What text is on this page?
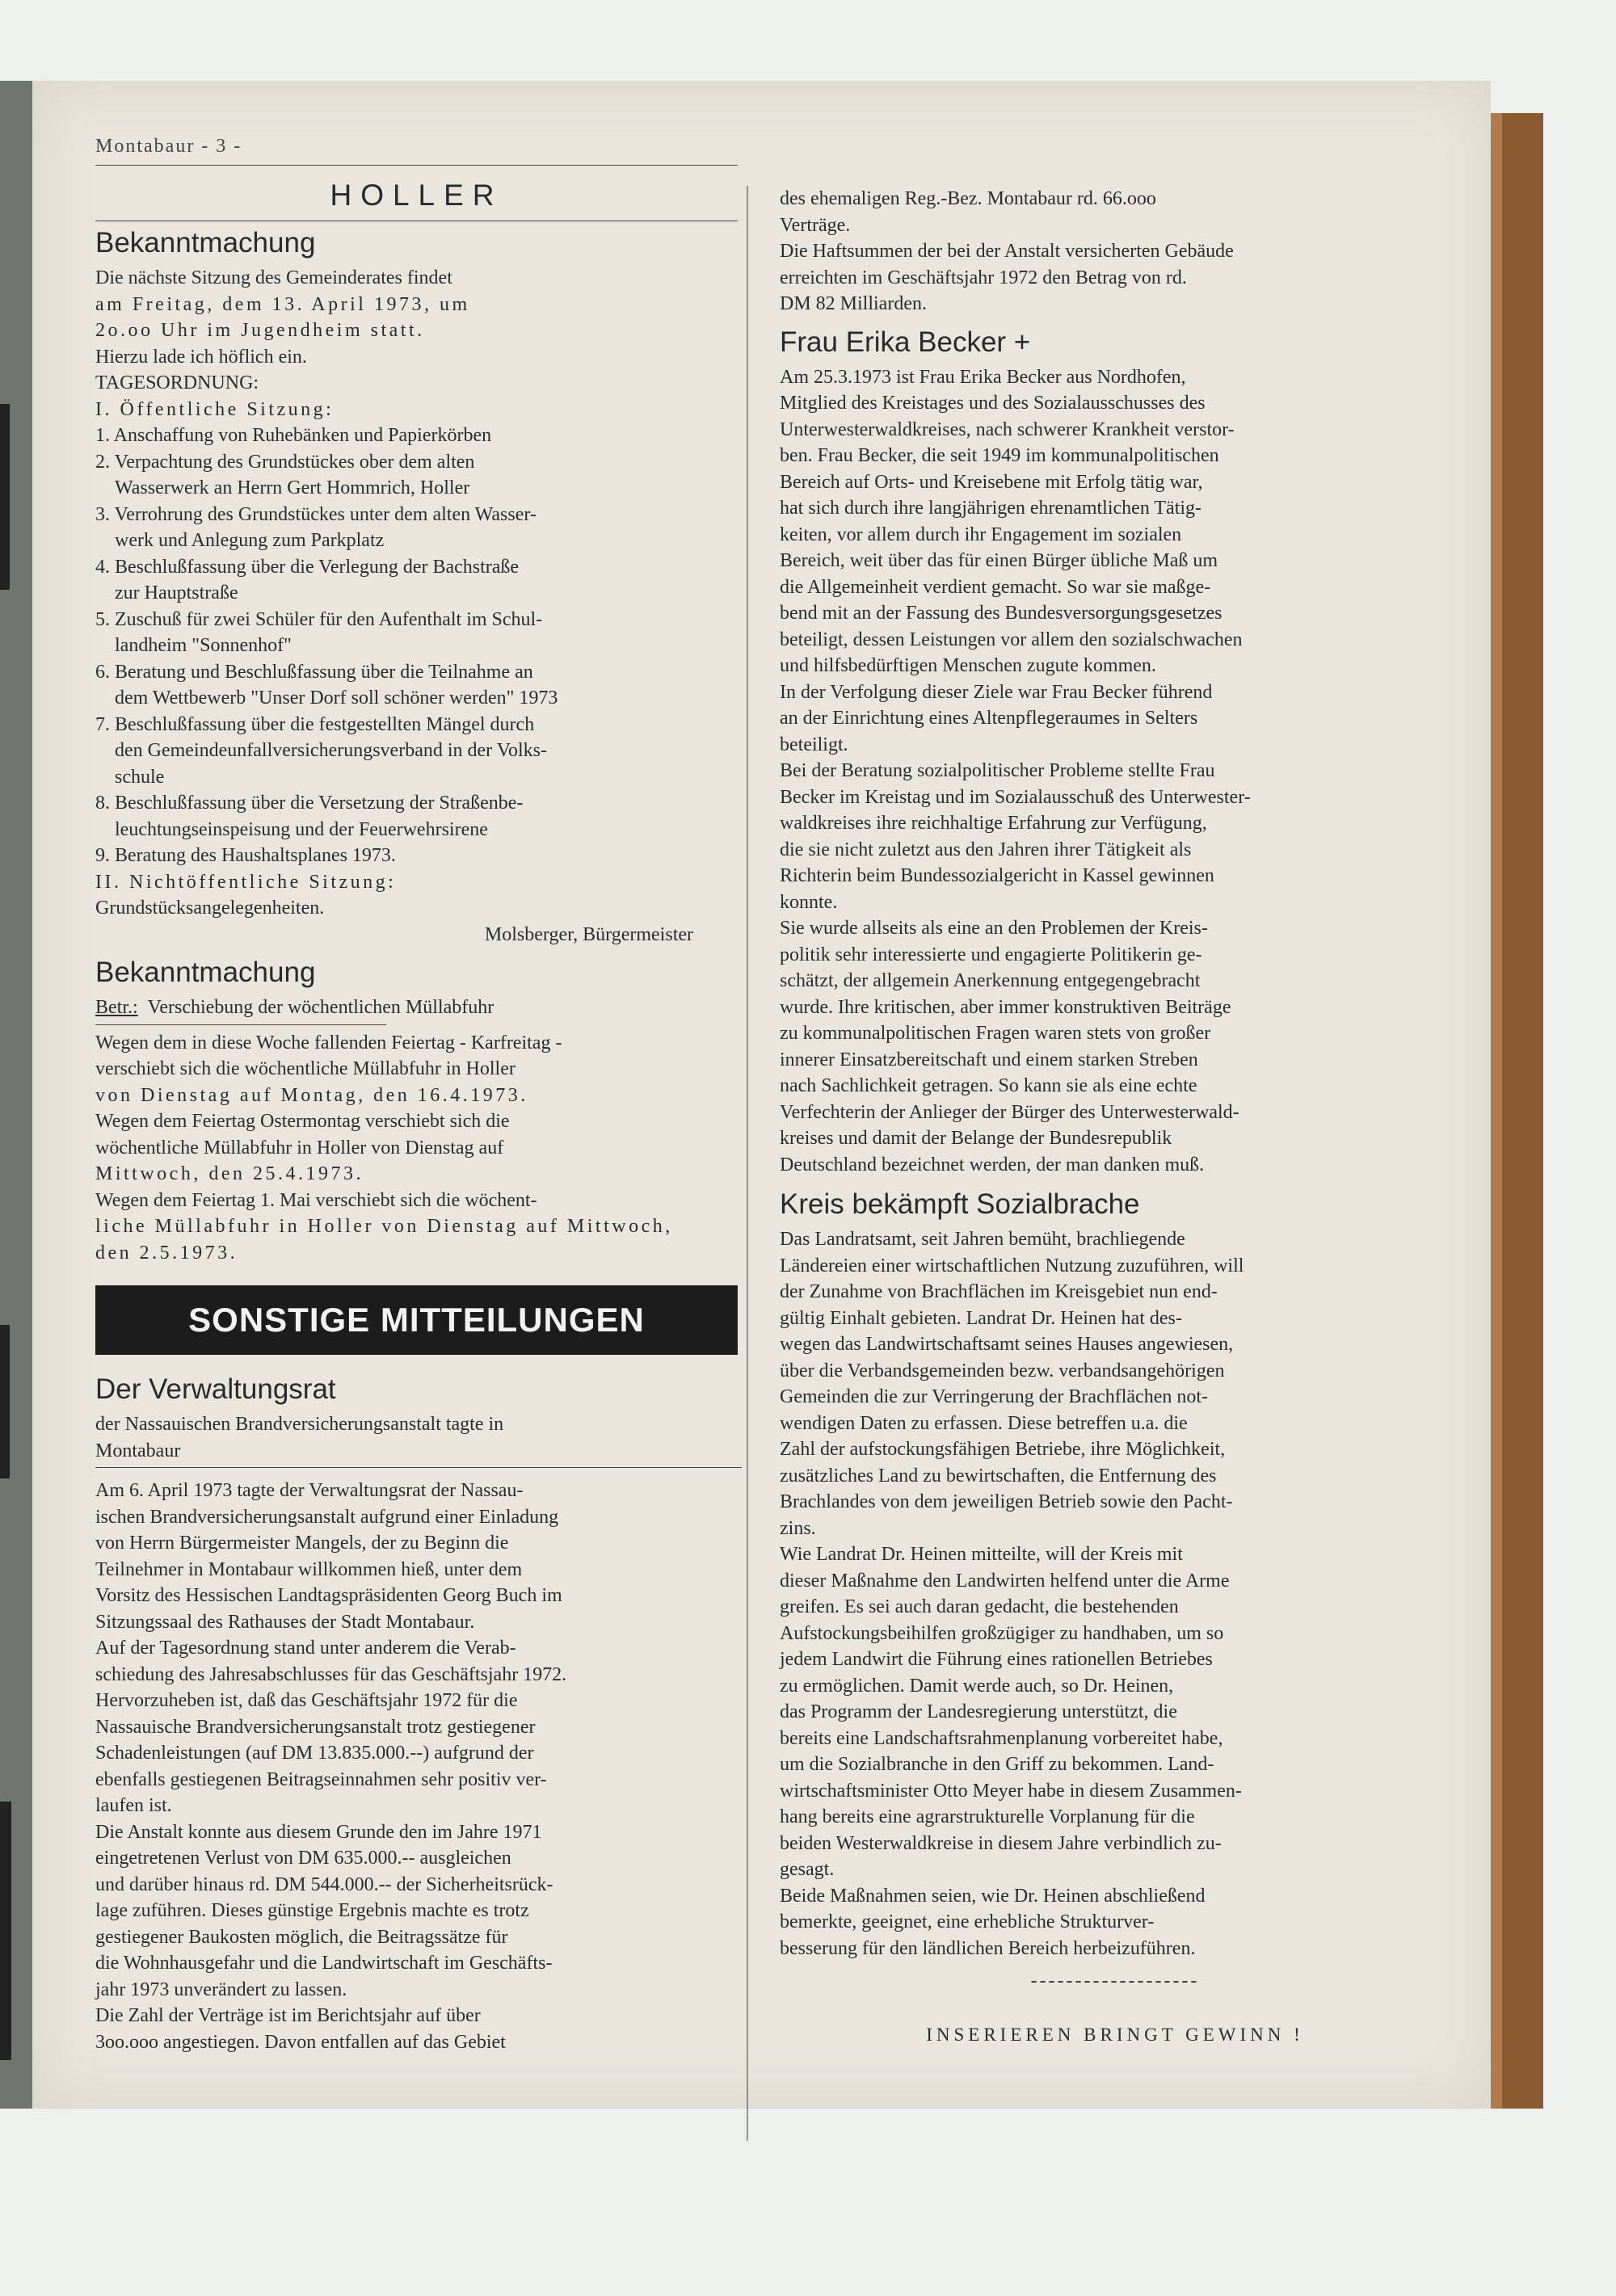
Montabaur - 3 -
HOLLER
Bekanntmachung
Die nächste Sitzung des Gemeinderates findet
am Freitag, dem 13. April 1973, um
2o.oo Uhr im Jugendheim statt.
Hierzu lade ich höflich ein.
TAGESORDNUNG:
I. Öffentliche Sitzung:
1. Anschaffung von Ruhebänken und Papierkörben
2. Verpachtung des Grundstückes ober dem alten
Wasserwerk an Herrn Gert Hommrich, Holler
3. Verrohrung des Grundstückes unter dem alten Wasser-
werk und Anlegung zum Parkplatz
4. Beschlußfassung über die Verlegung der Bachstraße
zur Hauptstraße
5. Zuschuß für zwei Schüler für den Aufenthalt im Schul-
landheim "Sonnenhof"
6. Beratung und Beschlußfassung über die Teilnahme an
dem Wettbewerb "Unser Dorf soll schöner werden" 1973
7. Beschlußfassung über die festgestellten Mängel durch
den Gemeindeunfallversicherungsverband in der Volks-
schule
8. Beschlußfassung über die Versetzung der Straßenbe-
leuchtungseinspeisung und der Feuerwehrsirene
9. Beratung des Haushaltsplanes 1973.
II. Nichtöffentliche Sitzung:
Grundstücksangelegenheiten.
Molsberger, Bürgermeister
Bekanntmachung
Betr.: Verschiebung der wöchentlichen Müllabfuhr
Wegen dem in diese Woche fallenden Feiertag - Karfreitag -
verschiebt sich die wöchentliche Müllabfuhr in Holler
von Dienstag auf Montag, den 16.4.1973.
Wegen dem Feiertag Ostermontag verschiebt sich die
wöchentliche Müllabfuhr in Holler von Dienstag auf
Mittwoch, den 25.4.1973.
Wegen dem Feiertag 1. Mai verschiebt sich die wöchent-
liche Müllabfuhr in Holler von Dienstag auf Mittwoch,
den 2.5.1973.
SONSTIGE MITTEILUNGEN
Der Verwaltungsrat
der Nassauischen Brandversicherungsanstalt tagte in
Montabaur
Am 6. April 1973 tagte der Verwaltungsrat der Nassau-
ischen Brandversicherungsanstalt aufgrund einer Einladung
von Herrn Bürgermeister Mangels, der zu Beginn die
Teilnehmer in Montabaur willkommen hieß, unter dem
Vorsitz des Hessischen Landtagspräsidenten Georg Buch im
Sitzungssaal des Rathauses der Stadt Montabaur.
Auf der Tagesordnung stand unter anderem die Verab-
schiedung des Jahresabschlusses für das Geschäftsjahr 1972.
Hervorzuheben ist, daß das Geschäftsjahr 1972 für die
Nassauische Brandversicherungsanstalt trotz gestiegener
Schadenleistungen (auf DM 13.835.000.--) aufgrund der
ebenfalls gestiegenen Beitragseinnahmen sehr positiv ver-
laufen ist.
Die Anstalt konnte aus diesem Grunde den im Jahre 1971
eingetretenen Verlust von DM 635.000.-- ausgleichen
und darüber hinaus rd. DM 544.000.-- der Sicherheitsrück-
lage zuführen. Dieses günstige Ergebnis machte es trotz
gestiegener Baukosten möglich, die Beitragssätze für
die Wohnhausgefahr und die Landwirtschaft im Geschäfts-
jahr 1973 unverändert zu lassen.
Die Zahl der Verträge ist im Berichtsjahr auf über
3oo.ooo angestiegen. Davon entfallen auf das Gebiet
des ehemaligen Reg.-Bez. Montabaur rd. 66.ooo
Verträge.
Die Haftsummen der bei der Anstalt versicherten Gebäude
erreichten im Geschäftsjahr 1972 den Betrag von rd.
DM 82 Milliarden.
Frau Erika Becker +
Am 25.3.1973 ist Frau Erika Becker aus Nordhofen,
Mitglied des Kreistages und des Sozialausschusses des
Unterwesterwaldkreises, nach schwerer Krankheit verstor-
ben. Frau Becker, die seit 1949 im kommunalpolitischen
Bereich auf Orts- und Kreisebene mit Erfolg tätig war,
hat sich durch ihre langjährigen ehrenamtlichen Tätig-
keiten, vor allem durch ihr Engagement im sozialen
Bereich, weit über das für einen Bürger übliche Maß um
die Allgemeinheit verdient gemacht. So war sie maßge-
bend mit an der Fassung des Bundesversorgungsgesetzes
beteiligt, dessen Leistungen vor allem den sozialschwachen
und hilfsbedürftigen Menschen zugute kommen.
In der Verfolgung dieser Ziele war Frau Becker führend
an der Einrichtung eines Altenpflegeraumes in Selters
beteiligt.
Bei der Beratung sozialpolitischer Probleme stellte Frau
Becker im Kreistag und im Sozialausschuß des Unterwester-
waldkreises ihre reichhaltige Erfahrung zur Verfügung,
die sie nicht zuletzt aus den Jahren ihrer Tätigkeit als
Richterin beim Bundessozialgericht in Kassel gewinnen
konnte.
Sie wurde allseits als eine an den Problemen der Kreis-
politik sehr interessierte und engagierte Politikerin ge-
schätzt, der allgemein Anerkennung entgegengebracht
wurde. Ihre kritischen, aber immer konstruktiven Beiträge
zu kommunalpolitischen Fragen waren stets von großer
innerer Einsatzbereitschaft und einem starken Streben
nach Sachlichkeit getragen. So kann sie als eine echte
Verfechterin der Anlieger der Bürger des Unterwesterwald-
kreises und damit der Belange der Bundesrepublik
Deutschland bezeichnet werden, der man danken muß.
Kreis bekämpft Sozialbrache
Das Landratsamt, seit Jahren bemüht, brachliegende
Ländereien einer wirtschaftlichen Nutzung zuzuführen, will
der Zunahme von Brachflächen im Kreisgebiet nun end-
gültig Einhalt gebieten. Landrat Dr. Heinen hat des-
wegen das Landwirtschaftsamt seines Hauses angewiesen,
über die Verbandsgemeinden bezw. verbandsangehörigen
Gemeinden die zur Verringerung der Brachflächen not-
wendigen Daten zu erfassen. Diese betreffen u.a. die
Zahl der aufstockungsfähigen Betriebe, ihre Möglichkeit,
zusätzliches Land zu bewirtschaften, die Entfernung des
Brachlandes von dem jeweiligen Betrieb sowie den Pacht-
zins.
Wie Landrat Dr. Heinen mitteilte, will der Kreis mit
dieser Maßnahme den Landwirten helfend unter die Arme
greifen. Es sei auch daran gedacht, die bestehenden
Aufstockungsbeihilfen großzügiger zu handhaben, um so
jedem Landwirt die Führung eines rationellen Betriebes
zu ermöglichen. Damit werde auch, so Dr. Heinen,
das Programm der Landesregierung unterstützt, die
bereits eine Landschaftsrahmenplanung vorbereitet habe,
um die Sozialbranche in den Griff zu bekommen. Land-
wirtschaftsminister Otto Meyer habe in diesem Zusammen-
hang bereits eine agrarstrukturelle Vorplanung für die
beiden Westerwaldkreise in diesem Jahre verbindlich zu-
gesagt.
Beide Maßnahmen seien, wie Dr. Heinen abschließend
bemerkte, geeignet, eine erhebliche Strukturver-
besserung für den ländlichen Bereich herbeizuführen.
-------------------
INSERIEREN BRINGT GEWINN !
